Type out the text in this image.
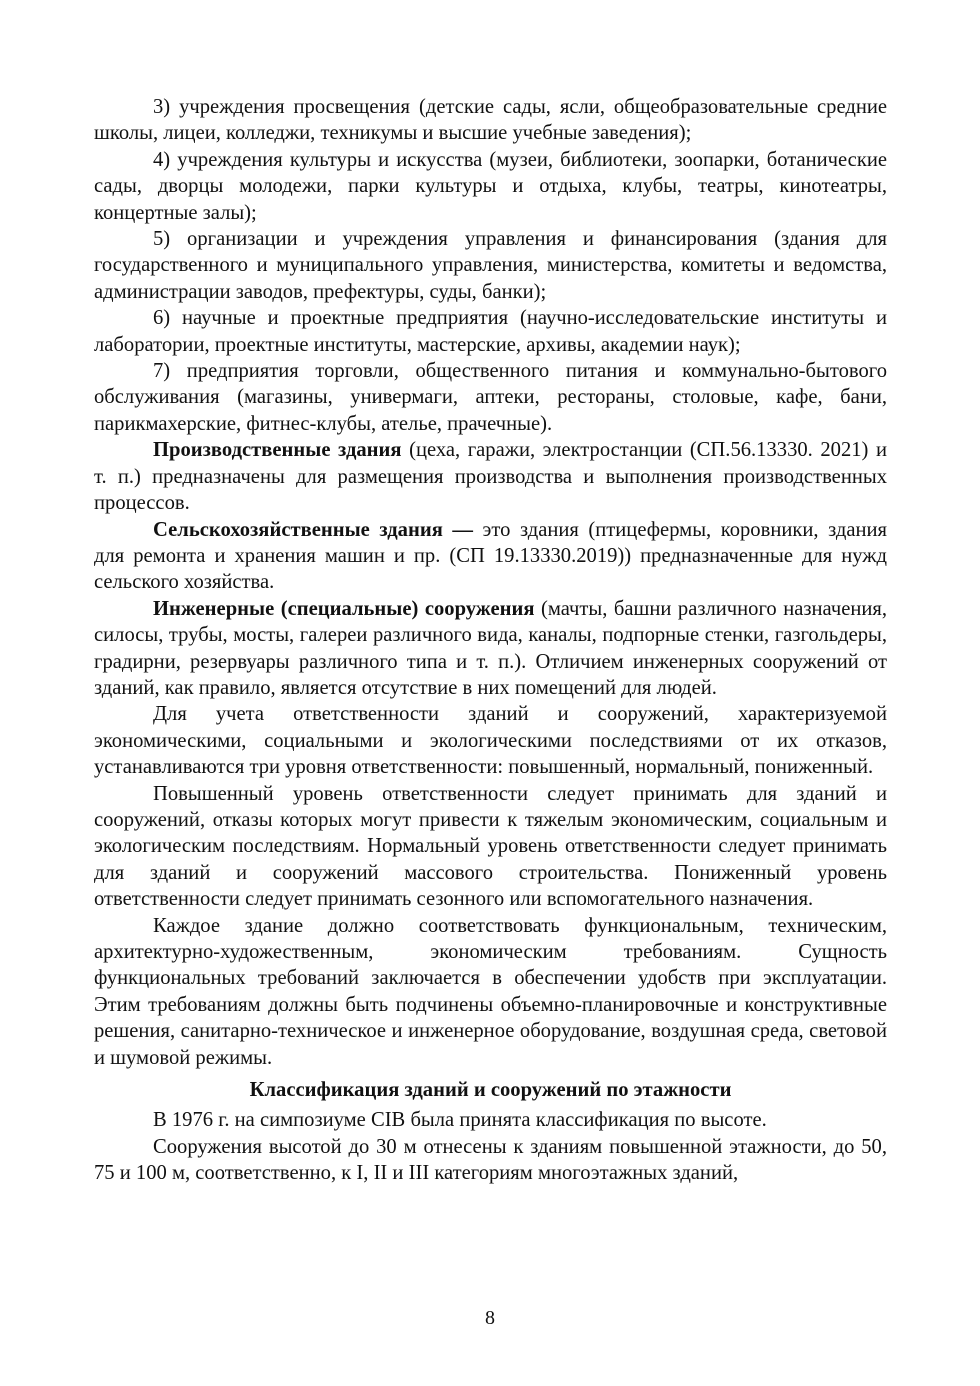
3) учреждения просвещения (детские сады, ясли, общеобразовательные средние школы, лицеи, колледжи, техникумы и высшие учебные заведения);

4) учреждения культуры и искусства (музеи, библиотеки, зоопарки, ботанические сады, дворцы молодежи, парки культуры и отдыха, клубы, театры, кинотеатры, концертные залы);

5) организации и учреждения управления и финансирования (здания для государственного и муниципального управления, министерства, комитеты и ведомства, администрации заводов, префектуры, суды, банки);

6) научные и проектные предприятия (научно-исследовательские институты и лаборатории, проектные институты, мастерские, архивы, академии наук);

7) предприятия торговли, общественного питания и коммунально-бытового обслуживания (магазины, универмаги, аптеки, рестораны, столовые, кафе, бани, парикмахерские, фитнес-клубы, ателье, прачечные).

Производственные здания (цеха, гаражи, электростанции (СП.56.13330. 2021) и т. п.) предназначены для размещения производства и выполнения производственных процессов.

Сельскохозяйственные здания — это здания (птицефермы, коровники, здания для ремонта и хранения машин и пр. (СП 19.13330.2019)) предназначенные для нужд сельского хозяйства.

Инженерные (специальные) сооружения (мачты, башни различного назначения, силосы, трубы, мосты, галереи различного вида, каналы, подпорные стенки, газгольдеры, градирни, резервуары различного типа и т. п.). Отличием инженерных сооружений от зданий, как правило, является отсутствие в них помещений для людей.

Для учета ответственности зданий и сооружений, характеризуемой экономическими, социальными и экологическими последствиями от их отказов, устанавливаются три уровня ответственности: повышенный, нормальный, пониженный.

Повышенный уровень ответственности следует принимать для зданий и сооружений, отказы которых могут привести к тяжелым экономическим, социальным и экологическим последствиям. Нормальный уровень ответственности следует принимать для зданий и сооружений массового строительства. Пониженный уровень ответственности следует принимать сезонного или вспомогательного назначения.

Каждое здание должно соответствовать функциональным, техническим, архитектурно-художественным, экономическим требованиям. Сущность функциональных требований заключается в обеспечении удобств при эксплуатации. Этим требованиям должны быть подчинены объемно-планировочные и конструктивные решения, санитарно-техническое и инженерное оборудование, воздушная среда, световой и шумовой режимы.

Классификация зданий и сооружений по этажности

В 1976 г. на симпозиуме CIB была принята классификация по высоте.

Сооружения высотой до 30 м отнесены к зданиям повышенной этажности, до 50, 75 и 100 м, соответственно, к I, II и III категориям многоэтажных зданий,

8
